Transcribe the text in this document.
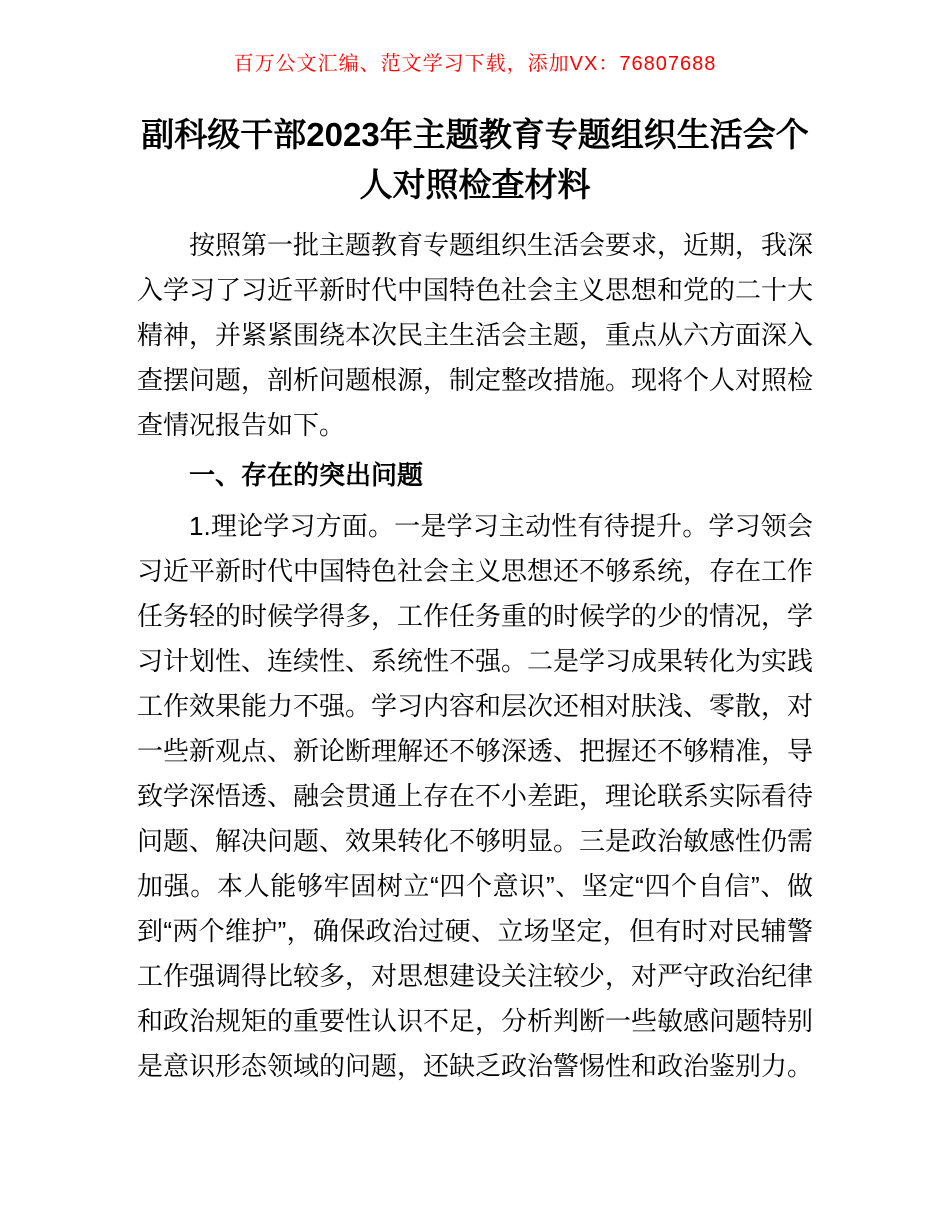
百万公文汇编、范文学习下载，添加VX：76807688
副科级干部2023年主题教育专题组织生活会个人对照检查材料

按照第一批主题教育专题组织生活会要求，近期，我深入学习了习近平新时代中国特色社会主义思想和党的二十大精神，并紧紧围绕本次民主生活会主题，重点从六方面深入查摆问题，剖析问题根源，制定整改措施。现将个人对照检查情况报告如下。

一、存在的突出问题

1.理论学习方面。一是学习主动性有待提升。学习领会习近平新时代中国特色社会主义思想还不够系统，存在工作任务轻的时候学得多，工作任务重的时候学的少的情况，学习计划性、连续性、系统性不强。二是学习成果转化为实践工作效果能力不强。学习内容和层次还相对肤浅、零散，对一些新观点、新论断理解还不够深透、把握还不够精准，导致学深悟透、融会贯通上存在不小差距，理论联系实际看待问题、解决问题、效果转化不够明显。三是政治敏感性仍需加强。本人能够牢固树立“四个意识”、坚定“四个自信”、做到“两个维护”，确保政治过硬、立场坚定，但有时对民辅警工作强调得比较多，对思想建设关注较少，对严守政治纪律和政治规矩的重要性认识不足，分析判断一些敏感问题特别是意识形态领域的问题，还缺乏政治警惕性和政治鉴别力。
